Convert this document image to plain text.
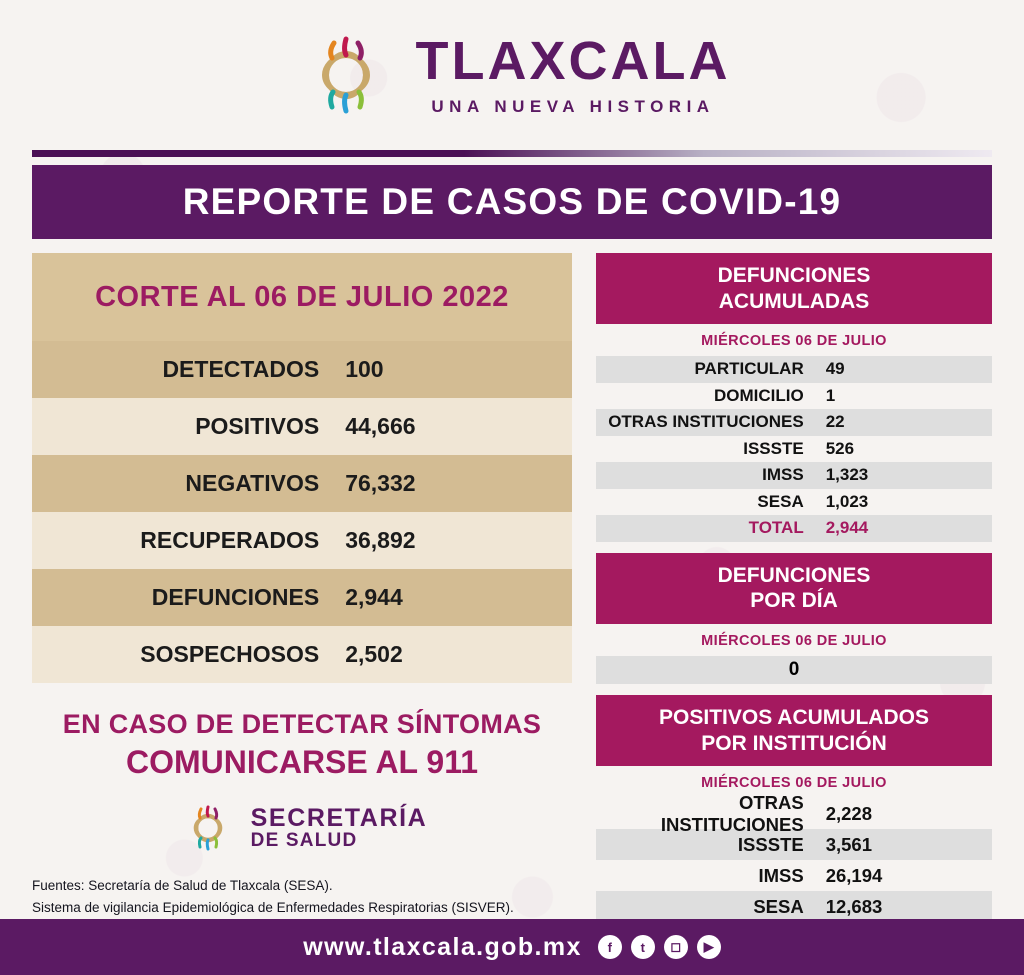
TLAXCALA
UNA NUEVA HISTORIA
REPORTE DE CASOS DE COVID-19
CORTE AL 06 DE JULIO 2022
DETECTADOS	100
POSITIVOS	44,666
NEGATIVOS	76,332
RECUPERADOS	36,892
DEFUNCIONES	2,944
SOSPECHOSOS	2,502
EN CASO DE DETECTAR SÍNTOMAS
COMUNICARSE AL 911
SECRETARÍA
DE SALUD
Fuentes: Secretaría de Salud de Tlaxcala (SESA).
Sistema de vigilancia Epidemiológica de Enfermedades Respiratorias (SISVER).
DEFUNCIONES
ACUMULADAS
MIÉRCOLES 06 DE JULIO
PARTICULAR	49
DOMICILIO	1
OTRAS INSTITUCIONES	22
ISSSTE	526
IMSS	1,323
SESA	1,023
TOTAL	2,944
DEFUNCIONES
POR DÍA
MIÉRCOLES 06 DE JULIO
0
POSITIVOS ACUMULADOS
POR INSTITUCIÓN
MIÉRCOLES 06 DE JULIO
OTRAS INSTITUCIONES
2,228
ISSSTE	3,561
IMSS	26,194
SESA	12,683
www.tlaxcala.gob.mx	f	t	◻	▶
